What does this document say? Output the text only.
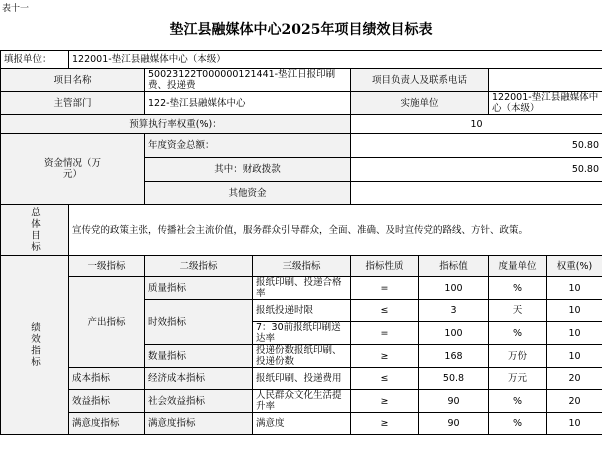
表十一
垫江县融媒体中心2025年项目绩效目标表
填报单位：	122001-垫江县融媒体中心（本级）						
项目名称		50023122T000000121441-垫江日报印刷费、投递费		项目负责人及联系电话			
主管部门		122-垫江县融媒体中心		实施单位		122001-垫江县融媒体中心（本级）	
预算执行率权重(%)：				10			
资金情况（万元）		年度资金总额：		50.80			
		其中：财政拨款		50.80			
		其他资金					

总体目标	宣传党的政策主张，传播社会主流价值，服务群众引导群众，全面、准确、及时宣传党的路线、方针、政策。						

绩效指标	一级指标	二级指标	三级指标	指标性质	指标值	度量单位	权重(%)
	产出指标	质量指标	报纸印刷、投递合格率	=	100	%	10
		时效指标	报纸投递时限	≤	3	天	10
			7：30前报纸印刷送达率	=	100	%	10
		数量指标	投递份数报纸印刷、投递份数	≥	168	万份	10
	成本指标	经济成本指标	报纸印刷、投递费用	≤	50.8	万元	20
	效益指标	社会效益指标	人民群众文化生活提升率	≥	90	%	20
	满意度指标	满意度指标	满意度	≥	90	%	10
